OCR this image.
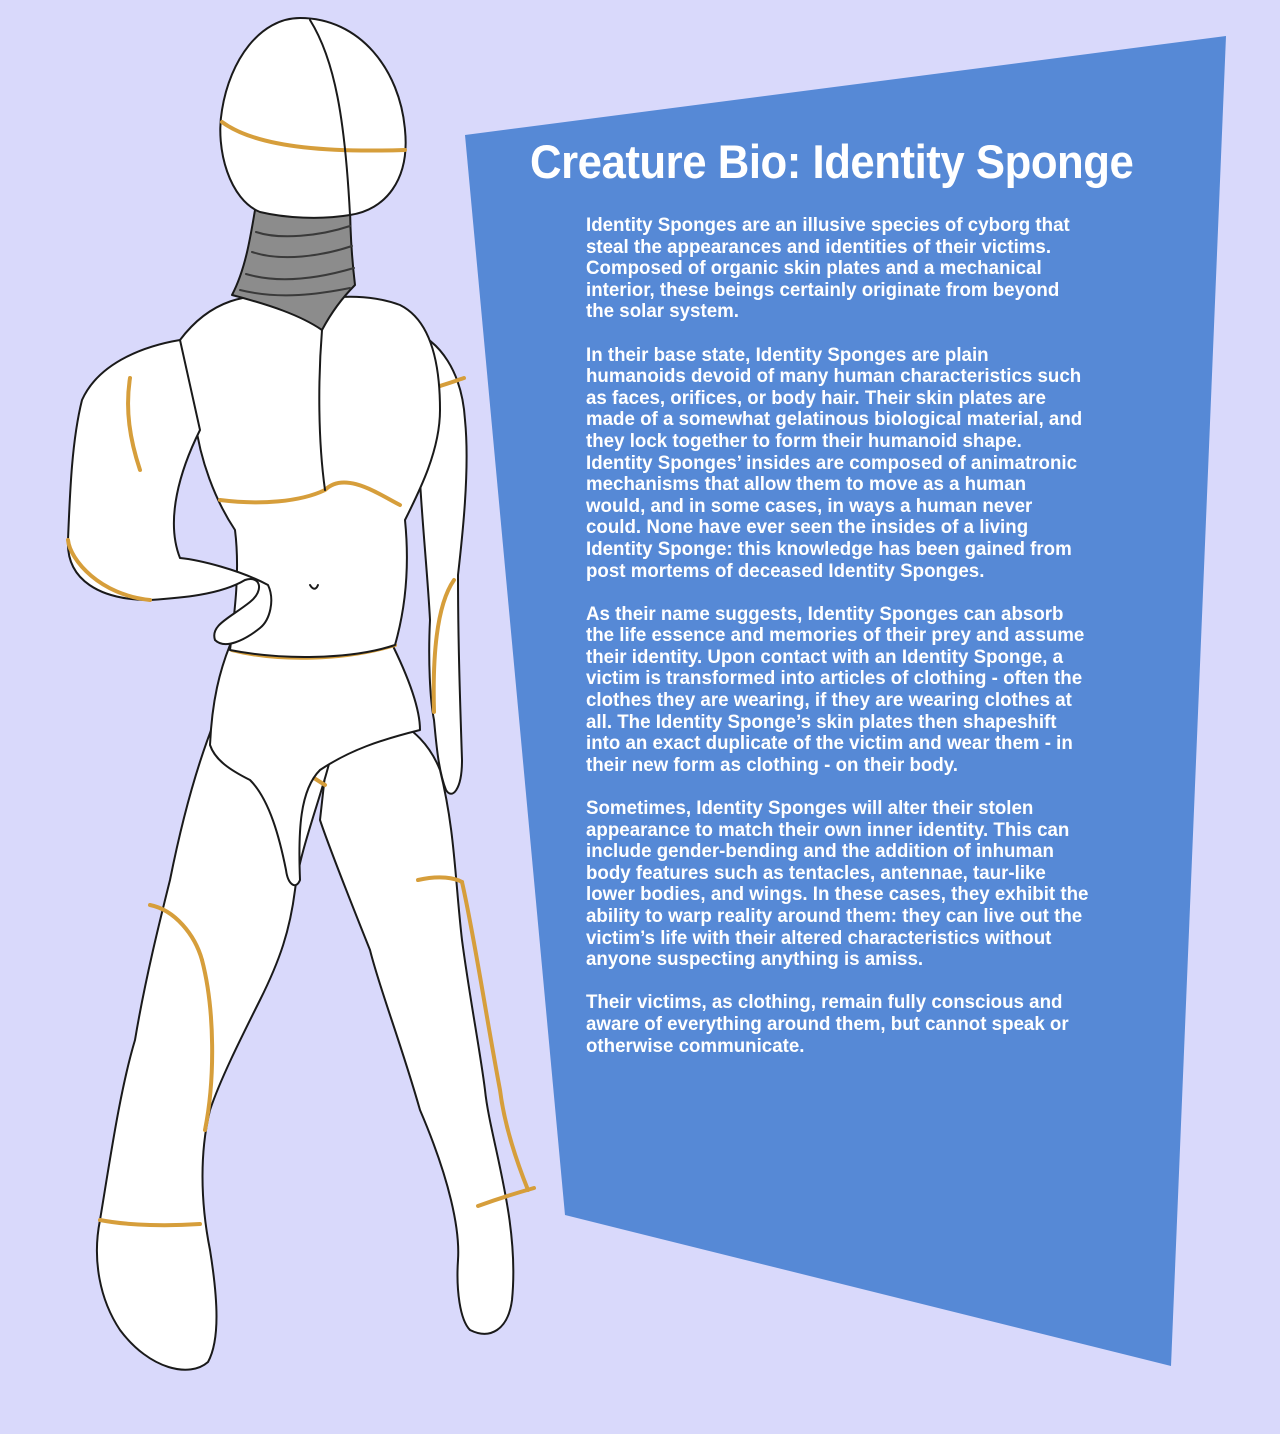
Creature Bio: Identity Sponge

Identity Sponges are an illusive species of cyborg that
steal the appearances and identities of their victims.
Composed of organic skin plates and a mechanical
interior, these beings certainly originate from beyond
the solar system.

In their base state, Identity Sponges are plain
humanoids devoid of many human characteristics such
as faces, orifices, or body hair. Their skin plates are
made of a somewhat gelatinous biological material, and
they lock together to form their humanoid shape.
Identity Sponges’ insides are composed of animatronic
mechanisms that allow them to move as a human
would, and in some cases, in ways a human never
could. None have ever seen the insides of a living
Identity Sponge: this knowledge has been gained from
post mortems of deceased Identity Sponges.

As their name suggests, Identity Sponges can absorb
the life essence and memories of their prey and assume
their identity. Upon contact with an Identity Sponge, a
victim is transformed into articles of clothing - often the
clothes they are wearing, if they are wearing clothes at
all. The Identity Sponge’s skin plates then shapeshift
into an exact duplicate of the victim and wear them - in
their new form as clothing - on their body.

Sometimes, Identity Sponges will alter their stolen
appearance to match their own inner identity. This can
include gender-bending and the addition of inhuman
body features such as tentacles, antennae, taur-like
lower bodies, and wings. In these cases, they exhibit the
ability to warp reality around them: they can live out the
victim’s life with their altered characteristics without
anyone suspecting anything is amiss.

Their victims, as clothing, remain fully conscious and
aware of everything around them, but cannot speak or
otherwise communicate.
